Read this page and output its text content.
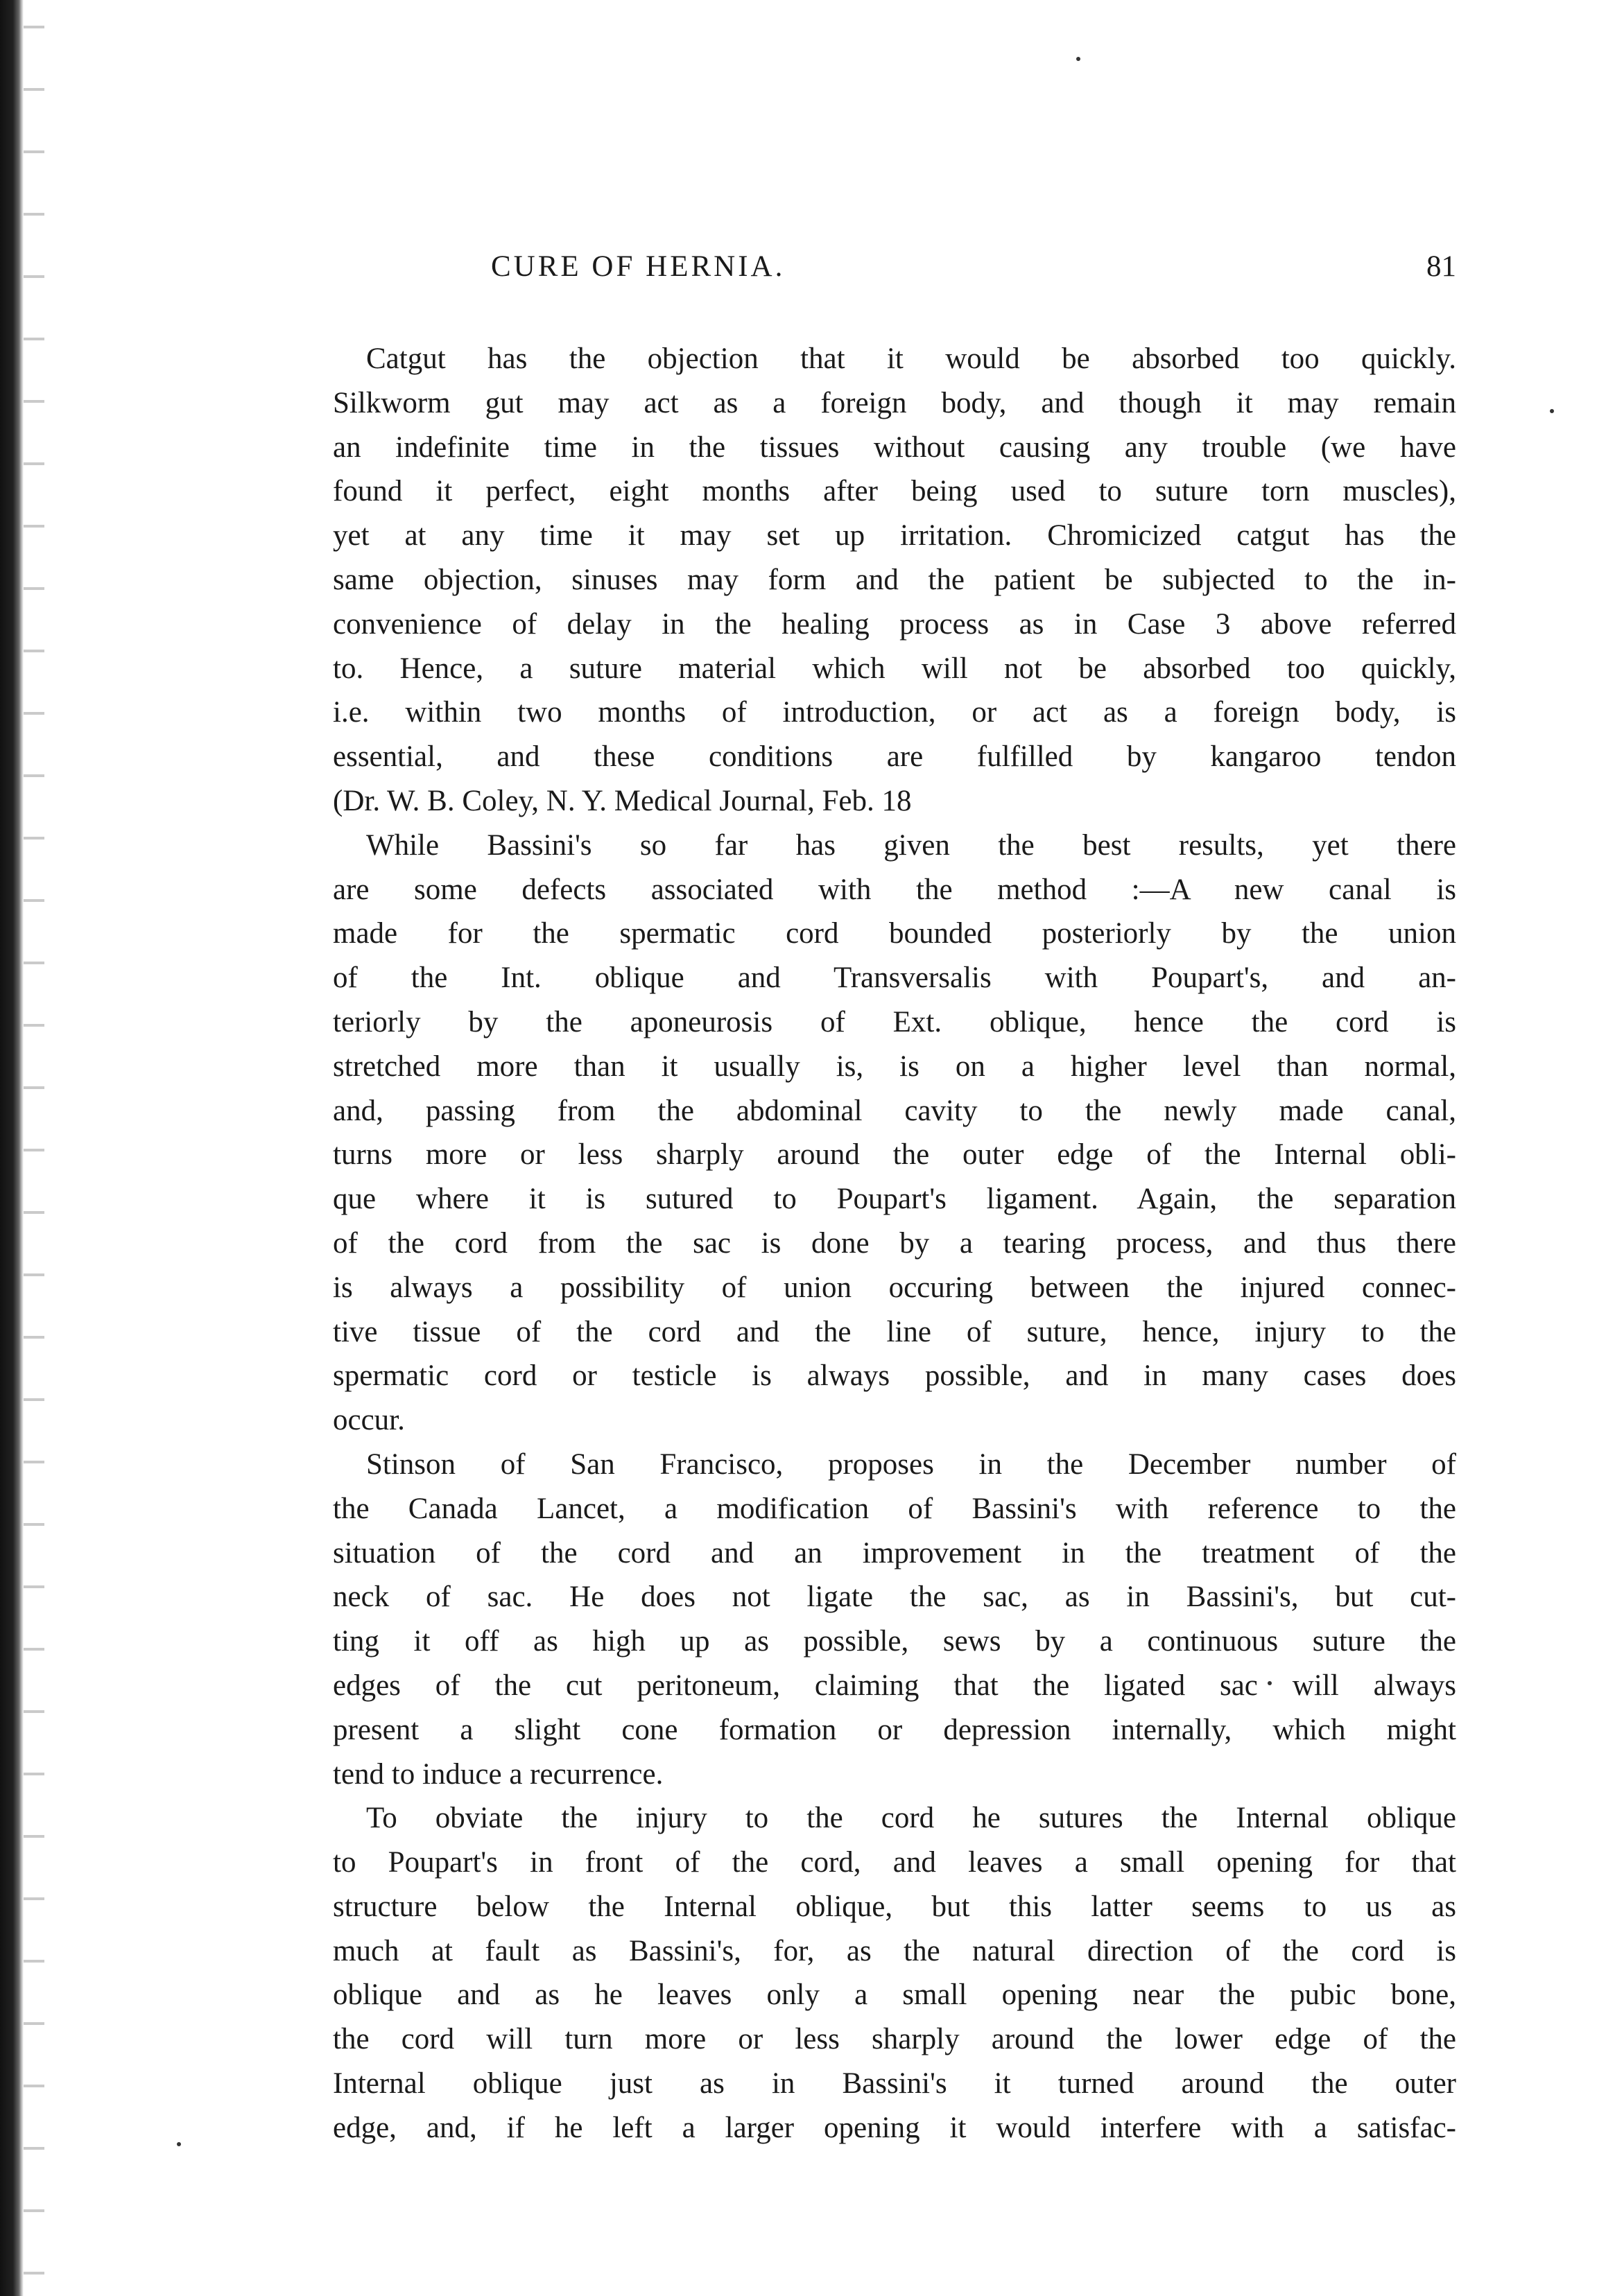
CURE OF HERNIA.	81
Catgut has the objection that it would be absorbed too quickly.
Silkworm gut may act as a foreign body, and though it may remain
an indefinite time in the tissues without causing any trouble (we have
found it perfect, eight months after being used to suture torn muscles),
yet at any time it may set up irritation. Chromicized catgut has the
same objection, sinuses may form and the patient be subjected to the in-
convenience of delay in the healing process as in Case 3 above referred
to. Hence, a suture material which will not be absorbed too quickly,
i.e. within two months of introduction, or act as a foreign body, is
essential, and these conditions are fulfilled by kangaroo tendon
(Dr. W. B. Coley, N. Y. Medical Journal, Feb. 18
While Bassini's so far has given the best results, yet there
are some defects associated with the method :—A new canal is
made for the spermatic cord bounded posteriorly by the union
of the Int. oblique and Transversalis with Poupart's, and an-
teriorly by the aponeurosis of Ext. oblique, hence the cord is
stretched more than it usually is, is on a higher level than normal,
and, passing from the abdominal cavity to the newly made canal,
turns more or less sharply around the outer edge of the Internal obli-
que where it is sutured to Poupart's ligament. Again, the separation
of the cord from the sac is done by a tearing process, and thus there
is always a possibility of union occuring between the injured connec-
tive tissue of the cord and the line of suture, hence, injury to the
spermatic cord or testicle is always possible, and in many cases does
occur.
Stinson of San Francisco, proposes in the December number of
the Canada Lancet, a modification of Bassini's with reference to the
situation of the cord and an improvement in the treatment of the
neck of sac. He does not ligate the sac, as in Bassini's, but cut-
ting it off as high up as possible, sews by a continuous suture the
edges of the cut peritoneum, claiming that the ligated sac will always
present a slight cone formation or depression internally, which might
tend to induce a recurrence.
To obviate the injury to the cord he sutures the Internal oblique
to Poupart's in front of the cord, and leaves a small opening for that
structure below the Internal oblique, but this latter seems to us as
much at fault as Bassini's, for, as the natural direction of the cord is
oblique and as he leaves only a small opening near the pubic bone,
the cord will turn more or less sharply around the lower edge of the
Internal oblique just as in Bassini's it turned around the outer
edge, and, if he left a larger opening it would interfere with a satisfac-
